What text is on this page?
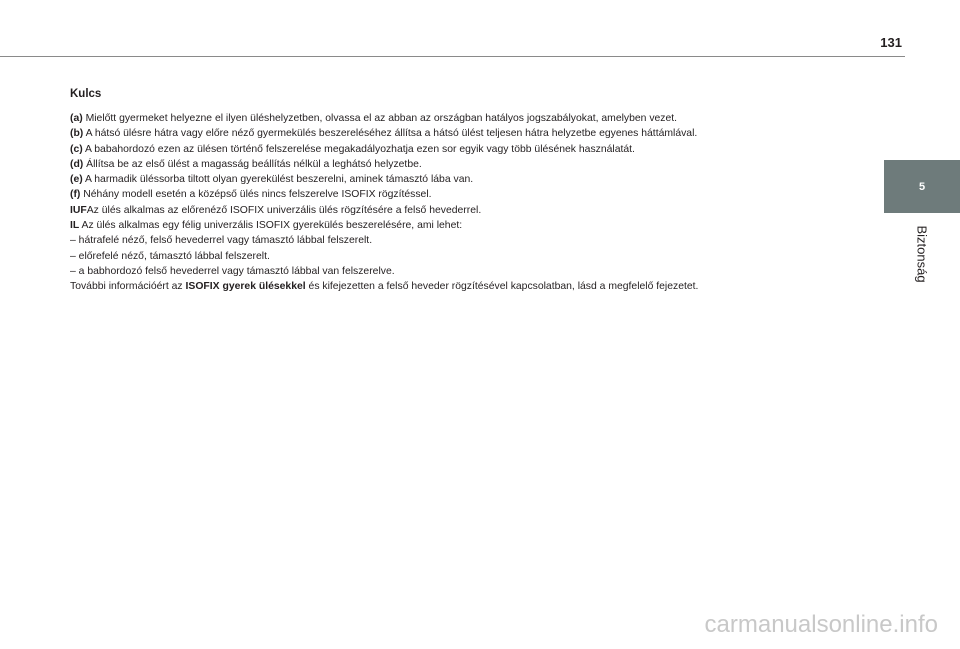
131
5
Biztonság
Kulcs

(a) Mielőtt gyermeket helyezne el ilyen üléshelyzetben, olvassa el az abban az országban hatályos jogszabályokat, amelyben vezet.

(b) A hátsó ülésre hátra vagy előre néző gyermekülés beszereléséhez állítsa a hátsó ülést teljesen hátra helyzetbe egyenes háttámlával.

(c) A babahordozó ezen az ülésen történő felszerelése megakadályozhatja ezen sor egyik vagy több ülésének használatát.

(d) Állítsa be az első ülést a magasság beállítás nélkül a leghátsó helyzetbe.

(e) A harmadik üléssorba tiltott olyan gyerekülést beszerelni, aminek támasztó lába van.

(f) Néhány modell esetén a középső ülés nincs felszerelve ISOFIX rögzítéssel.

IUFAz ülés alkalmas az előrenéző ISOFIX univerzális ülés rögzítésére a felső hevederrel.

IL Az ülés alkalmas egy félig univerzális ISOFIX gyerekülés beszerelésére, ami lehet:

– hátrafelé néző, felső hevederrel vagy támasztó lábbal felszerelt.

– előrefelé néző, támasztó lábbal felszerelt.

– a babhordozó felső hevederrel vagy támasztó lábbal van felszerelve.

További információért az ISOFIX gyerek ülésekkel és kifejezetten a felső heveder rögzítésével kapcsolatban, lásd a megfelelő fejezetet.

carmanualsonline.info
